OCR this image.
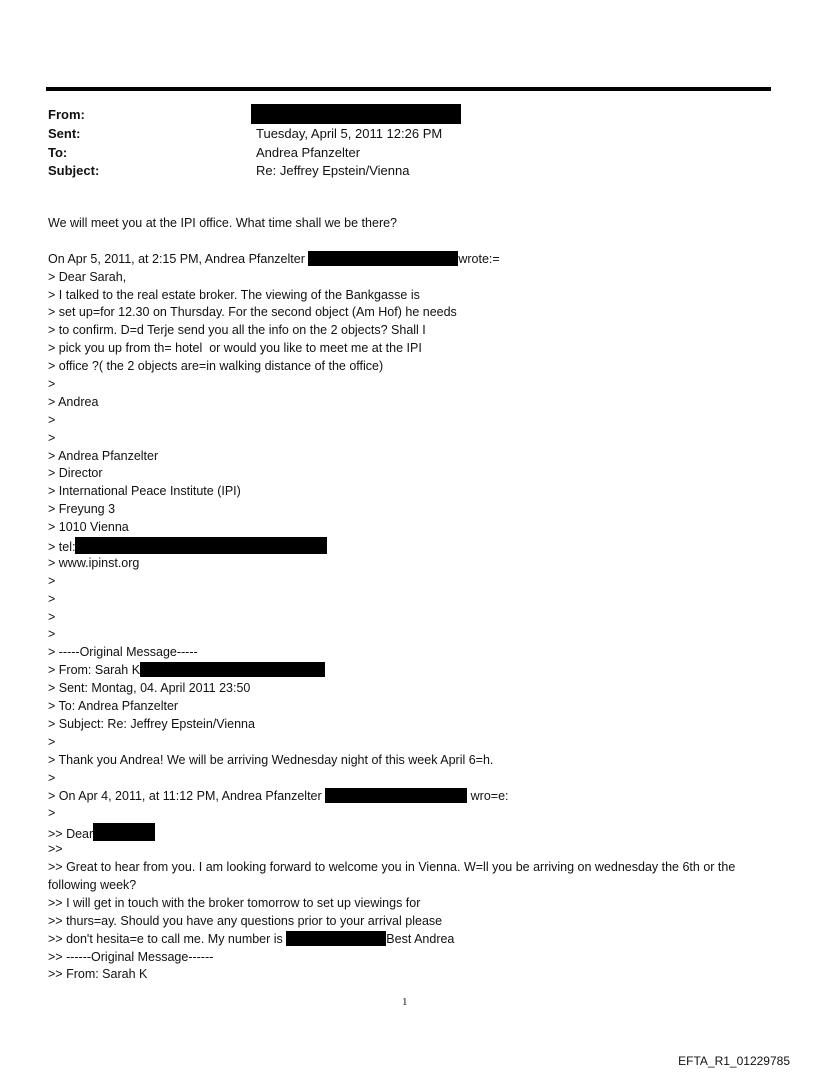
From:
Sent:	Tuesday, April 5, 2011 12:26 PM
To:	Andrea Pfanzelter
Subject:	Re: Jeffrey Epstein/Vienna
We will meet you at the IPI office. What time shall we be there?
On Apr 5, 2011, at 2:15 PM, Andrea Pfanzelter	wrote:=
> Dear Sarah,
> I talked to the real estate broker. The viewing of the Bankgasse is
> set up=for 12.30 on Thursday. For the second object (Am Hof) he needs
> to confirm. D=d Terje send you all the info on the 2 objects? Shall I
> pick you up from th= hotel  or would you like to meet me at the IPI
> office ?( the 2 objects are=in walking distance of the office)
>
> Andrea
>
>
> Andrea Pfanzelter
> Director
> International Peace Institute (IPI)
> Freyung 3
> 1010 Vienna
> tel:
> www.ipinst.org
>
>
>
>
> -----Original Message-----
> From: Sarah K
> Sent: Montag, 04. April 2011 23:50
> To: Andrea Pfanzelter
> Subject: Re: Jeffrey Epstein/Vienna
>
> Thank you Andrea! We will be arriving Wednesday night of this week April 6=h.
>
> On Apr 4, 2011, at 11:12 PM, Andrea Pfanzelter	wro=e:
>
>> Dear
>>
>> Great to hear from you. I am looking forward to welcome you in Vienna. W=ll you be arriving on wednesday the 6th or the following week?
>> I will get in touch with the broker tomorrow to set up viewings for
>> thurs=ay. Should you have any questions prior to your arrival please
>> don't hesita=e to call me. My number is	Best Andrea
>> ------Original Message------
>> From: Sarah K
1
EFTA_R1_01229785
